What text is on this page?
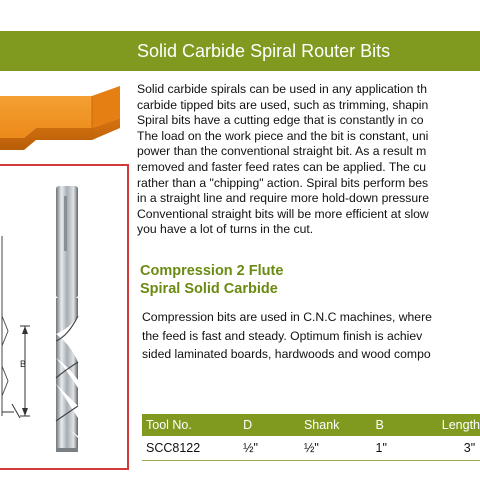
Solid Carbide Spiral Router Bits

Solid carbide spirals can be used in any application th
carbide tipped bits are used, such as trimming, shapin
Spiral bits have a cutting edge that is constantly in co
The load on the work piece and the bit is constant, uni
power than the conventional straight bit. As a result m
removed and faster feed rates can be applied. The cu
rather than a "chipping" action. Spiral bits perform bes
in a straight line and require more hold-down pressure
Conventional straight bits will be more efficient at slow
you have a lot of turns in the cut.

B
Compression 2 Flute
Spiral Solid Carbide

Compression bits are used in C.N.C machines, where
the feed is fast and steady. Optimum finish is achiev
sided laminated boards, hardwoods and wood compo

Tool No.	D	Shank	B	Length
SCC8122	½"	½"	1"	3"
